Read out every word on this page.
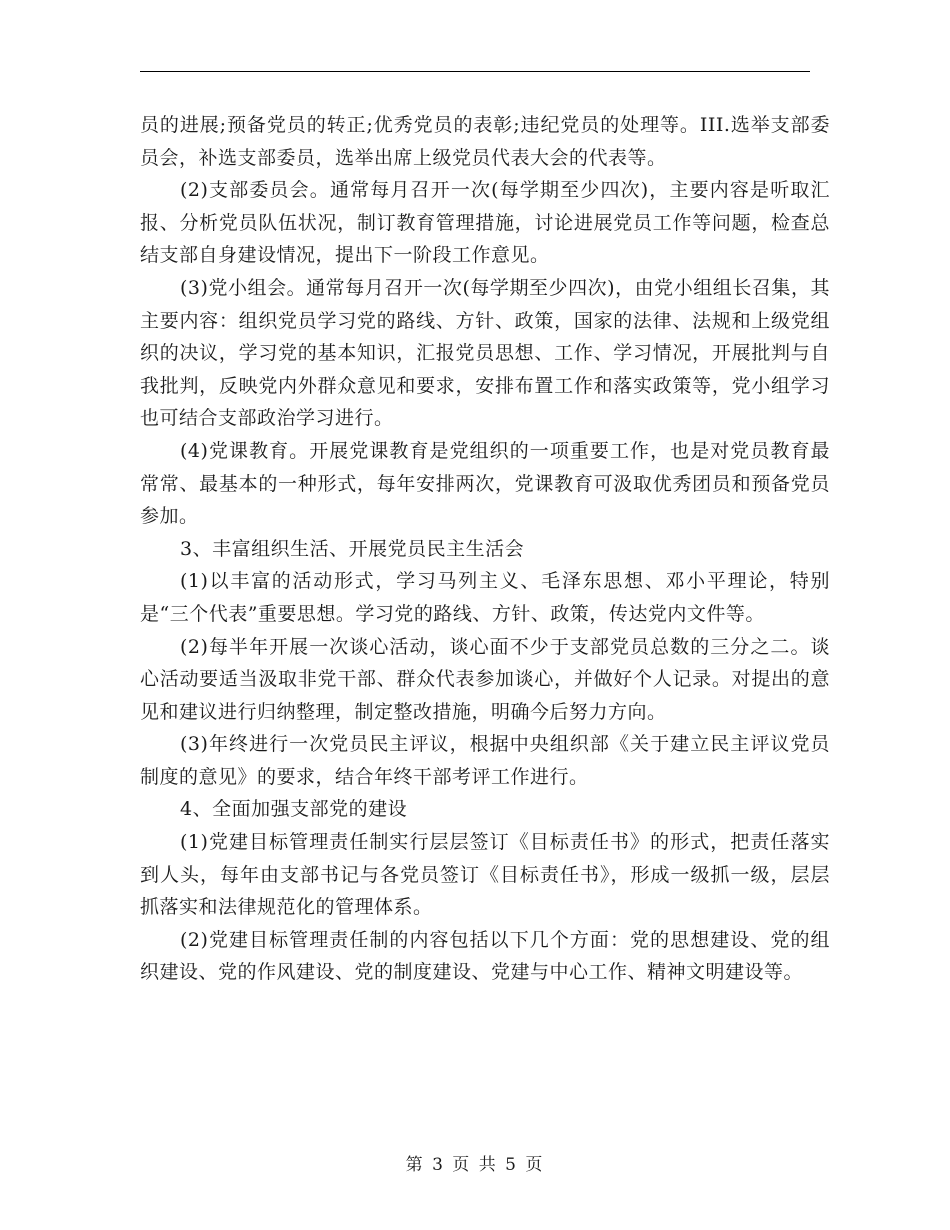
员的进展;预备党员的转正;优秀党员的表彰;违纪党员的处理等。III.选举支部委员会，补选支部委员，选举出席上级党员代表大会的代表等。

(2)支部委员会。通常每月召开一次(每学期至少四次)，主要内容是听取汇报、分析党员队伍状况，制订教育管理措施，讨论进展党员工作等问题，检查总结支部自身建设情况，提出下一阶段工作意见。

(3)党小组会。通常每月召开一次(每学期至少四次)，由党小组组长召集，其主要内容：组织党员学习党的路线、方针、政策，国家的法律、法规和上级党组织的决议，学习党的基本知识，汇报党员思想、工作、学习情况，开展批判与自我批判，反映党内外群众意见和要求，安排布置工作和落实政策等，党小组学习也可结合支部政治学习进行。

(4)党课教育。开展党课教育是党组织的一项重要工作，也是对党员教育最常常、最基本的一种形式，每年安排两次，党课教育可汲取优秀团员和预备党员参加。

3、丰富组织生活、开展党员民主生活会

(1)以丰富的活动形式，学习马列主义、毛泽东思想、邓小平理论，特别是“三个代表”重要思想。学习党的路线、方针、政策，传达党内文件等。

(2)每半年开展一次谈心活动，谈心面不少于支部党员总数的三分之二。谈心活动要适当汲取非党干部、群众代表参加谈心，并做好个人记录。对提出的意见和建议进行归纳整理，制定整改措施，明确今后努力方向。

(3)年终进行一次党员民主评议，根据中央组织部《关于建立民主评议党员制度的意见》的要求，结合年终干部考评工作进行。

4、全面加强支部党的建设

(1)党建目标管理责任制实行层层签订《目标责任书》的形式，把责任落实到人头，每年由支部书记与各党员签订《目标责任书》，形成一级抓一级，层层抓落实和法律规范化的管理体系。

(2)党建目标管理责任制的内容包括以下几个方面：党的思想建设、党的组织建设、党的作风建设、党的制度建设、党建与中心工作、精神文明建设等。

第 3 页 共 5 页
